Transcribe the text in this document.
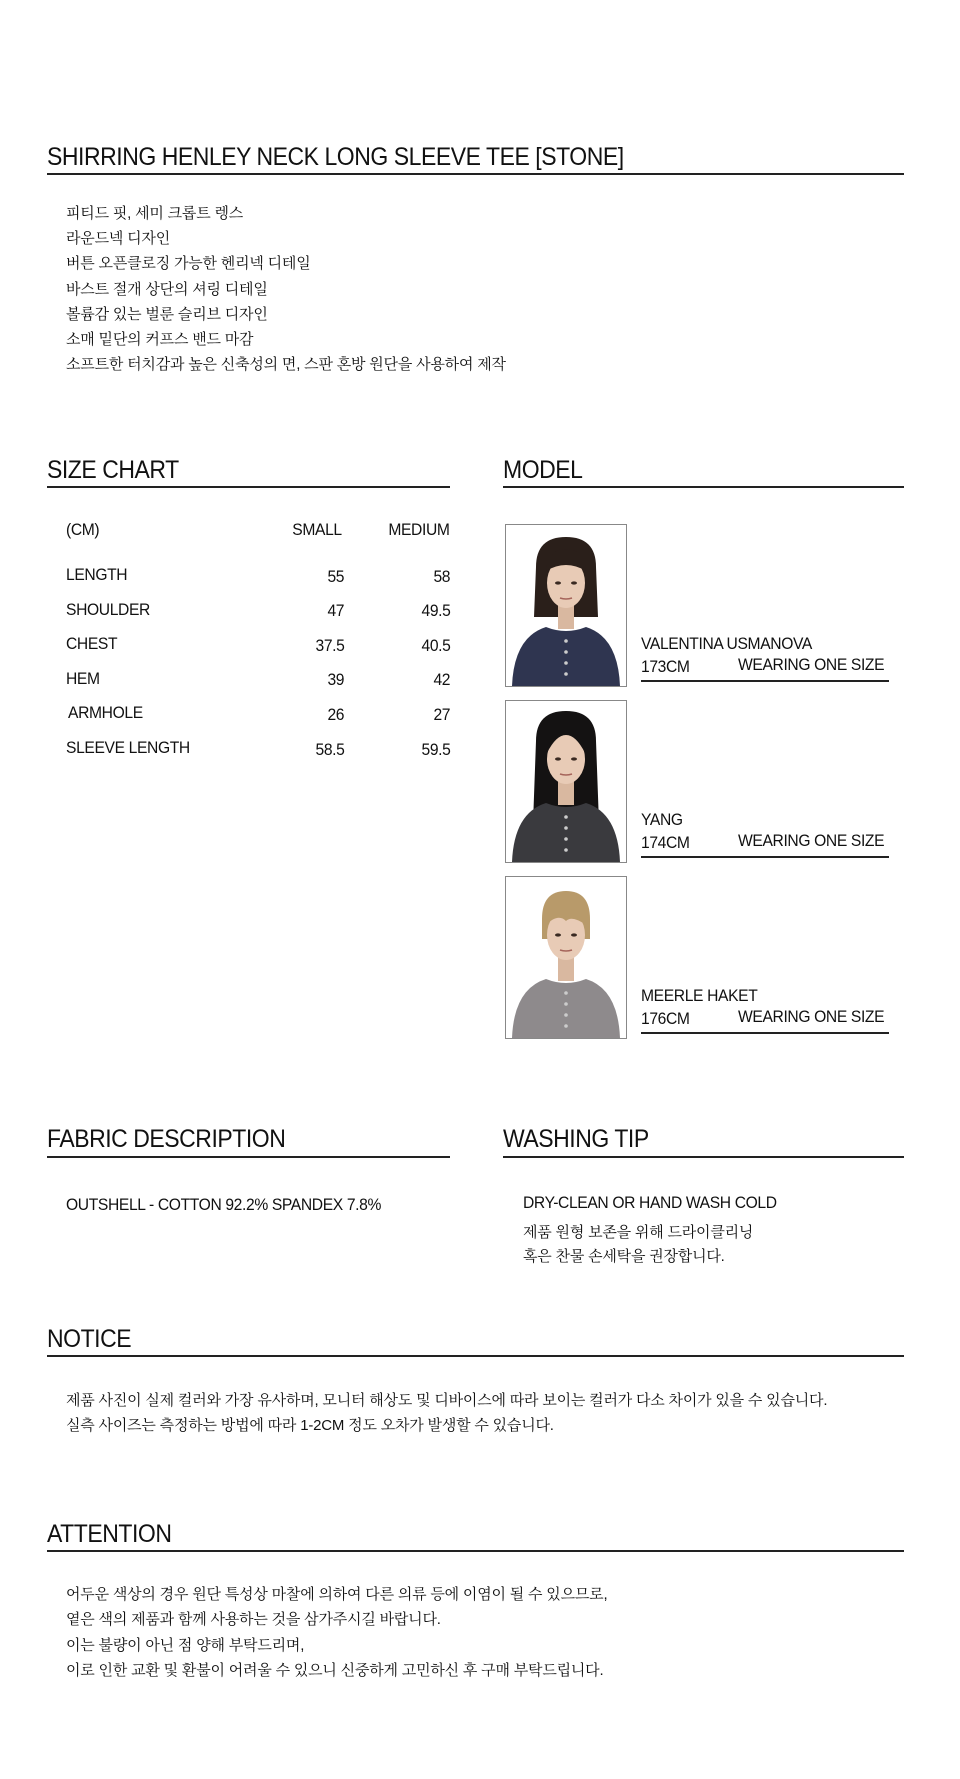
SHIRRING HENLEY NECK LONG SLEEVE TEE [STONE]
피티드 핏, 세미 크롭트 렝스
라운드넥 디자인
버튼 오픈클로징 가능한 헨리넥 디테일
바스트 절개 상단의 셔링 디테일
볼륨감 있는 벌룬 슬리브 디자인
소매 밑단의 커프스 밴드 마감
소프트한 터치감과 높은 신축성의 면, 스판 혼방 원단을 사용하여 제작
SIZE CHART
(CM)	SMALL	MEDIUM
LENGTH	55	58
SHOULDER	47	49.5
CHEST	37.5	40.5
HEM	39	42
ARMHOLE	26	27
SLEEVE LENGTH	58.5	59.5
MODEL
VALENTINA USMANOVA
173CM	WEARING ONE SIZE
YANG
174CM	WEARING ONE SIZE
MEERLE HAKET
176CM	WEARING ONE SIZE
FABRIC DESCRIPTION
OUTSHELL - COTTON 92.2% SPANDEX 7.8%
WASHING TIP
DRY-CLEAN OR HAND WASH COLD
제품 원형 보존을 위해 드라이클리닝
혹은 찬물 손세탁을 권장합니다.
NOTICE
제품 사진이 실제 컬러와 가장 유사하며, 모니터 해상도 및 디바이스에 따라 보이는 컬러가 다소 차이가 있을 수 있습니다.
실측 사이즈는 측정하는 방법에 따라 1-2CM 정도 오차가 발생할 수 있습니다.
ATTENTION
어두운 색상의 경우 원단 특성상 마찰에 의하여 다른 의류 등에 이염이 될 수 있으므로,
옅은 색의 제품과 함께 사용하는 것을 삼가주시길 바랍니다.
이는 불량이 아닌 점 양해 부탁드리며,
이로 인한 교환 및 환불이 어려울 수 있으니 신중하게 고민하신 후 구매 부탁드립니다.
